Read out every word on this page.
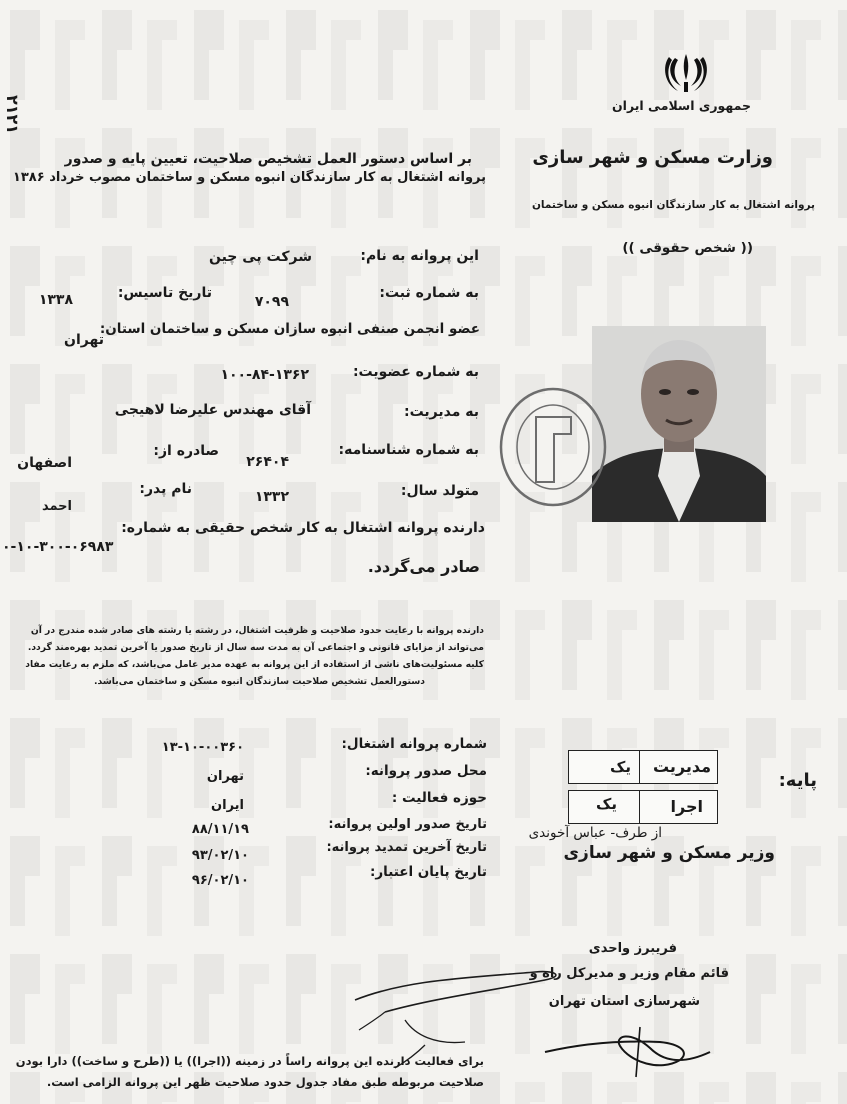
٢١٢١	جمهوری اسلامی ایران
وزارت مسکن و شهر سازی
پروانه اشتغال به کار سازندگان انبوه مسکن و ساختمان
(( شخص حقوقی ))
بر اساس دستور العمل تشخیص صلاحیت، تعیین پایه و صدور
پروانه اشتغال به کار سازندگان انبوه مسکن و ساختمان مصوب خرداد ۱۳۸۶
این پروانه به نام:
شرکت پی چین
به شماره ثبت:
۷۰۹۹
تاریخ تاسیس:
۱۳۳۸
عضو انجمن صنفی انبوه سازان مسکن و ساختمان استان:
تهران
به شماره عضویت:
۱۰۰-۸۴-۱۳۶۲
به مدیریت:
آقای مهندس علیرضا لاهیجی
به شماره شناسنامه:
۲۶۴۰۴
صادره از:
اصفهان
متولد سال:
۱۳۳۲
نام پدر:
احمد
دارنده پروانه اشتغال به کار شخص حقیقی به شماره:
۰-۱۰-۳۰۰-۰۶۹۸۳
صادر می‌گردد.
دارنده پروانه با رعایت حدود صلاحیت و ظرفیت اشتغال، در رشته یا رشته های صادر شده مندرج در آن
می‌تواند از مزایای قانونی و اجتماعی آن به مدت سه سال از تاریخ صدور یا آخرین تمدید بهره‌مند گردد.
کلیه مسئولیت‌های ناشی از استفاده از این پروانه به عهده مدیر عامل می‌باشد، که ملزم به رعایت مفاد
دستورالعمل تشخیص صلاحیت سازندگان انبوه مسکن و ساختمان می‌باشد.
شماره پروانه اشتغال:
۱۳-۱۰-۰۰۳۶۰
محل صدور پروانه:
تهران
حوزه فعالیت :
ایران
تاریخ صدور اولین پروانه:
۸۸/۱۱/۱۹
تاریخ آخرین تمدید پروانه:
۹۳/۰۲/۱۰
تاریخ پایان اعتبار:
۹۶/۰۲/۱۰
پایه:
مدیریت
یک
اجرا
یک
از طرف- عباس آخوندی
وزیر مسکن و شهر سازی
فریبرز واحدی
قائم مقام وزیر و مدیرکل راه و
شهرسازی استان تهران
برای فعالیت دارنده این پروانه راساً در زمینه ((اجرا)) یا ((طرح و ساخت)) دارا بودن
صلاحیت مربوطه طبق مفاد جدول حدود صلاحیت ظهر این پروانه الزامی است.
